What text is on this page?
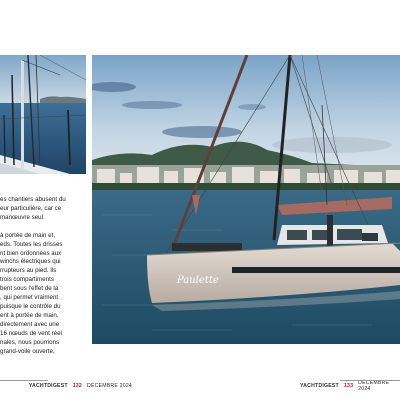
es chantiers abusent du

eur particulière, car ce

manœuvre seul.

à portée de main et,

eds. Toutes les drisses

nt bien ordonnées aux

winchs électriques qui

rrupteurs au pied. Ils

trois compartiments

bent sous l'effet de la

, qui permet vraiment

puisque le contrôle du

ent à portée de main.

directement avec une

16 nœuds de vent réel

nales, nous pourrions

grand-voile ouverte,

Paulette
YACHTDIGEST 132 DÉCEMBRE 2024	YACHTDIGEST 133 DÉCEMBRE 2024
